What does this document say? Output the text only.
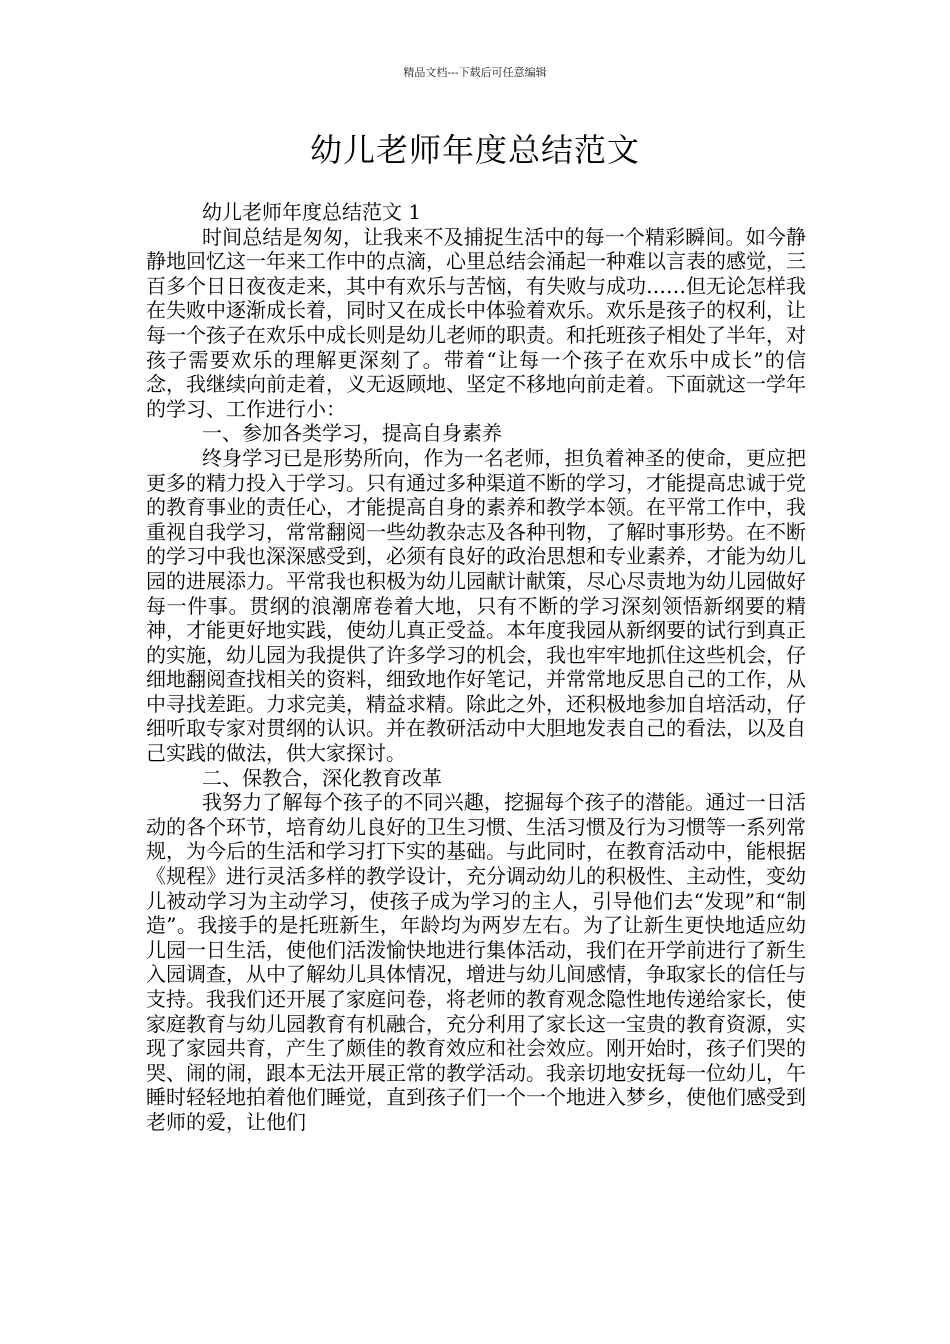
精品文档---下载后可任意编辑
幼儿老师年度总结范文

幼儿老师年度总结范文 1

时间总结是匆匆，让我来不及捕捉生活中的每一个精彩瞬间。如今静静地回忆这一年来工作中的点滴，心里总结会涌起一种难以言表的感觉，三百多个日日夜夜走来，其中有欢乐与苦恼，有失败与成功……但无论怎样我在失败中逐渐成长着，同时又在成长中体验着欢乐。欢乐是孩子的权利，让每一个孩子在欢乐中成长则是幼儿老师的职责。和托班孩子相处了半年，对孩子需要欢乐的理解更深刻了。带着“让每一个孩子在欢乐中成长”的信念，我继续向前走着，义无返顾地、坚定不移地向前走着。下面就这一学年的学习、工作进行小：

一、参加各类学习，提高自身素养

终身学习已是形势所向，作为一名老师，担负着神圣的使命，更应把更多的精力投入于学习。只有通过多种渠道不断的学习，才能提高忠诚于党的教育事业的责任心，才能提高自身的素养和教学本领。在平常工作中，我重视自我学习，常常翻阅一些幼教杂志及各种刊物，了解时事形势。在不断的学习中我也深深感受到，必须有良好的政治思想和专业素养，才能为幼儿园的进展添力。平常我也积极为幼儿园献计献策，尽心尽责地为幼儿园做好每一件事。贯纲的浪潮席卷着大地，只有不断的学习深刻领悟新纲要的精神，才能更好地实践，使幼儿真正受益。本年度我园从新纲要的试行到真正的实施，幼儿园为我提供了许多学习的机会，我也牢牢地抓住这些机会，仔细地翻阅查找相关的资料，细致地作好笔记，并常常地反思自己的工作，从中寻找差距。力求完美，精益求精。除此之外，还积极地参加自培活动，仔细听取专家对贯纲的认识。并在教研活动中大胆地发表自己的看法，以及自己实践的做法，供大家探讨。

二、保教合，深化教育改革

我努力了解每个孩子的不同兴趣，挖掘每个孩子的潜能。通过一日活动的各个环节，培育幼儿良好的卫生习惯、生活习惯及行为习惯等一系列常规，为今后的生活和学习打下实的基础。与此同时，在教育活动中，能根据《规程》进行灵活多样的教学设计，充分调动幼儿的积极性、主动性，变幼儿被动学习为主动学习，使孩子成为学习的主人，引导他们去“发现”和“制造”。我接手的是托班新生，年龄均为两岁左右。为了让新生更快地适应幼儿园一日生活，使他们活泼愉快地进行集体活动，我们在开学前进行了新生入园调查，从中了解幼儿具体情况，增进与幼儿间感情，争取家长的信任与支持。我我们还开展了家庭问卷，将老师的教育观念隐性地传递给家长，使家庭教育与幼儿园教育有机融合，充分利用了家长这一宝贵的教育资源，实现了家园共育，产生了颇佳的教育效应和社会效应。刚开始时，孩子们哭的哭、闹的闹，跟本无法开展正常的教学活动。我亲切地安抚每一位幼儿，午睡时轻轻地拍着他们睡觉，直到孩子们一个一个地进入梦乡，使他们感受到老师的爱，让他们
